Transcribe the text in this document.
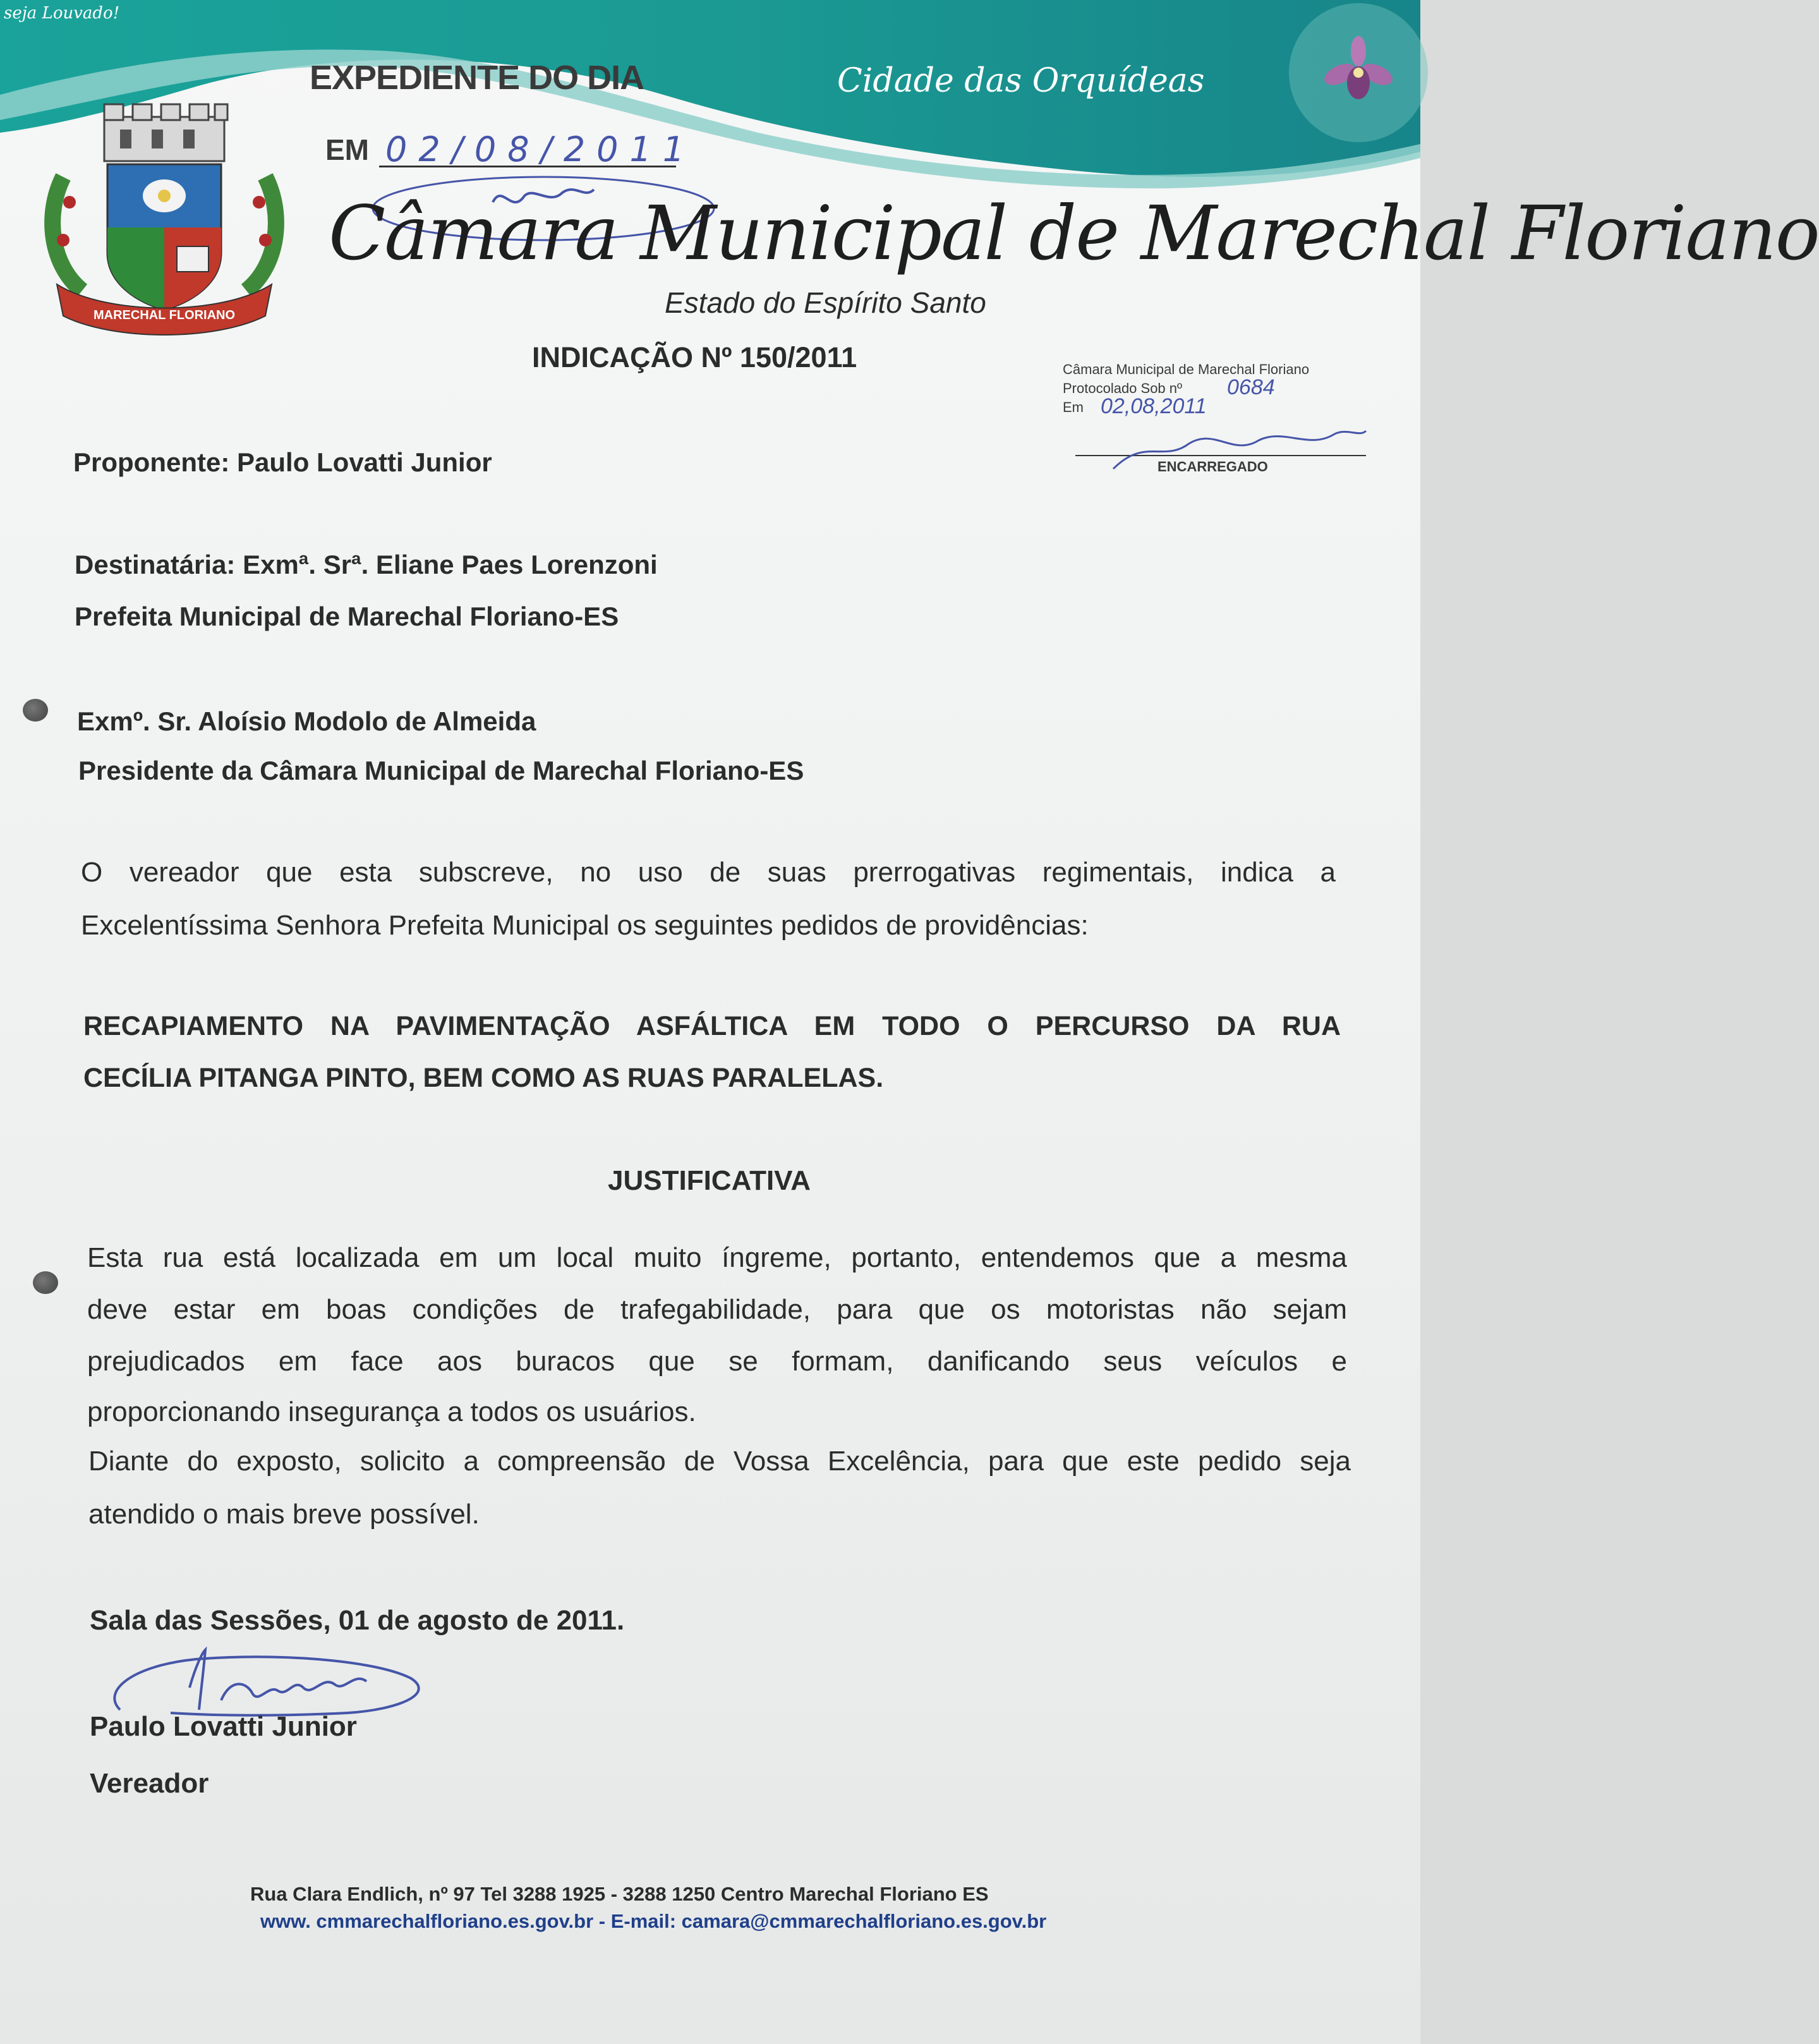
seja Louvado!
EXPEDIENTE DO DIA
EM 02/08/2011
Cidade das Orquídeas
MARECHAL FLORIANO
Câmara Municipal de Marechal Floriano
Estado do Espírito Santo
INDICAÇÃO Nº 150/2011	Câmara Municipal de Marechal Floriano
Protocolado Sob nº 0684
Em 02,08,2011
ENCARREGADO
Proponente: Paulo Lovatti Junior
Destinatária: Exmª. Srª. Eliane Paes Lorenzoni
Prefeita Municipal de Marechal Floriano-ES
Exmº. Sr. Aloísio Modolo de Almeida
Presidente da Câmara Municipal de Marechal Floriano-ES
O vereador que esta subscreve, no uso de suas prerrogativas regimentais, indica a
Excelentíssima Senhora Prefeita Municipal os seguintes pedidos de providências:
RECAPIAMENTO NA PAVIMENTAÇÃO ASFÁLTICA EM TODO O PERCURSO DA RUA
CECÍLIA PITANGA PINTO, BEM COMO AS RUAS PARALELAS.
JUSTIFICATIVA
Esta rua está localizada em um local muito íngreme, portanto, entendemos que a mesma
deve estar em boas condições de trafegabilidade, para que os motoristas não sejam
prejudicados em face aos buracos que se formam, danificando seus veículos e
proporcionando insegurança a todos os usuários.
Diante do exposto, solicito a compreensão de Vossa Excelência, para que este pedido seja
atendido o mais breve possível.
Sala das Sessões, 01 de agosto de 2011.
Paulo Lovatti Junior
Vereador
Rua Clara Endlich, nº 97 Tel 3288 1925 - 3288 1250 Centro Marechal Floriano ES
www. cmmarechalfloriano.es.gov.br - E-mail: camara@cmmarechalfloriano.es.gov.br
